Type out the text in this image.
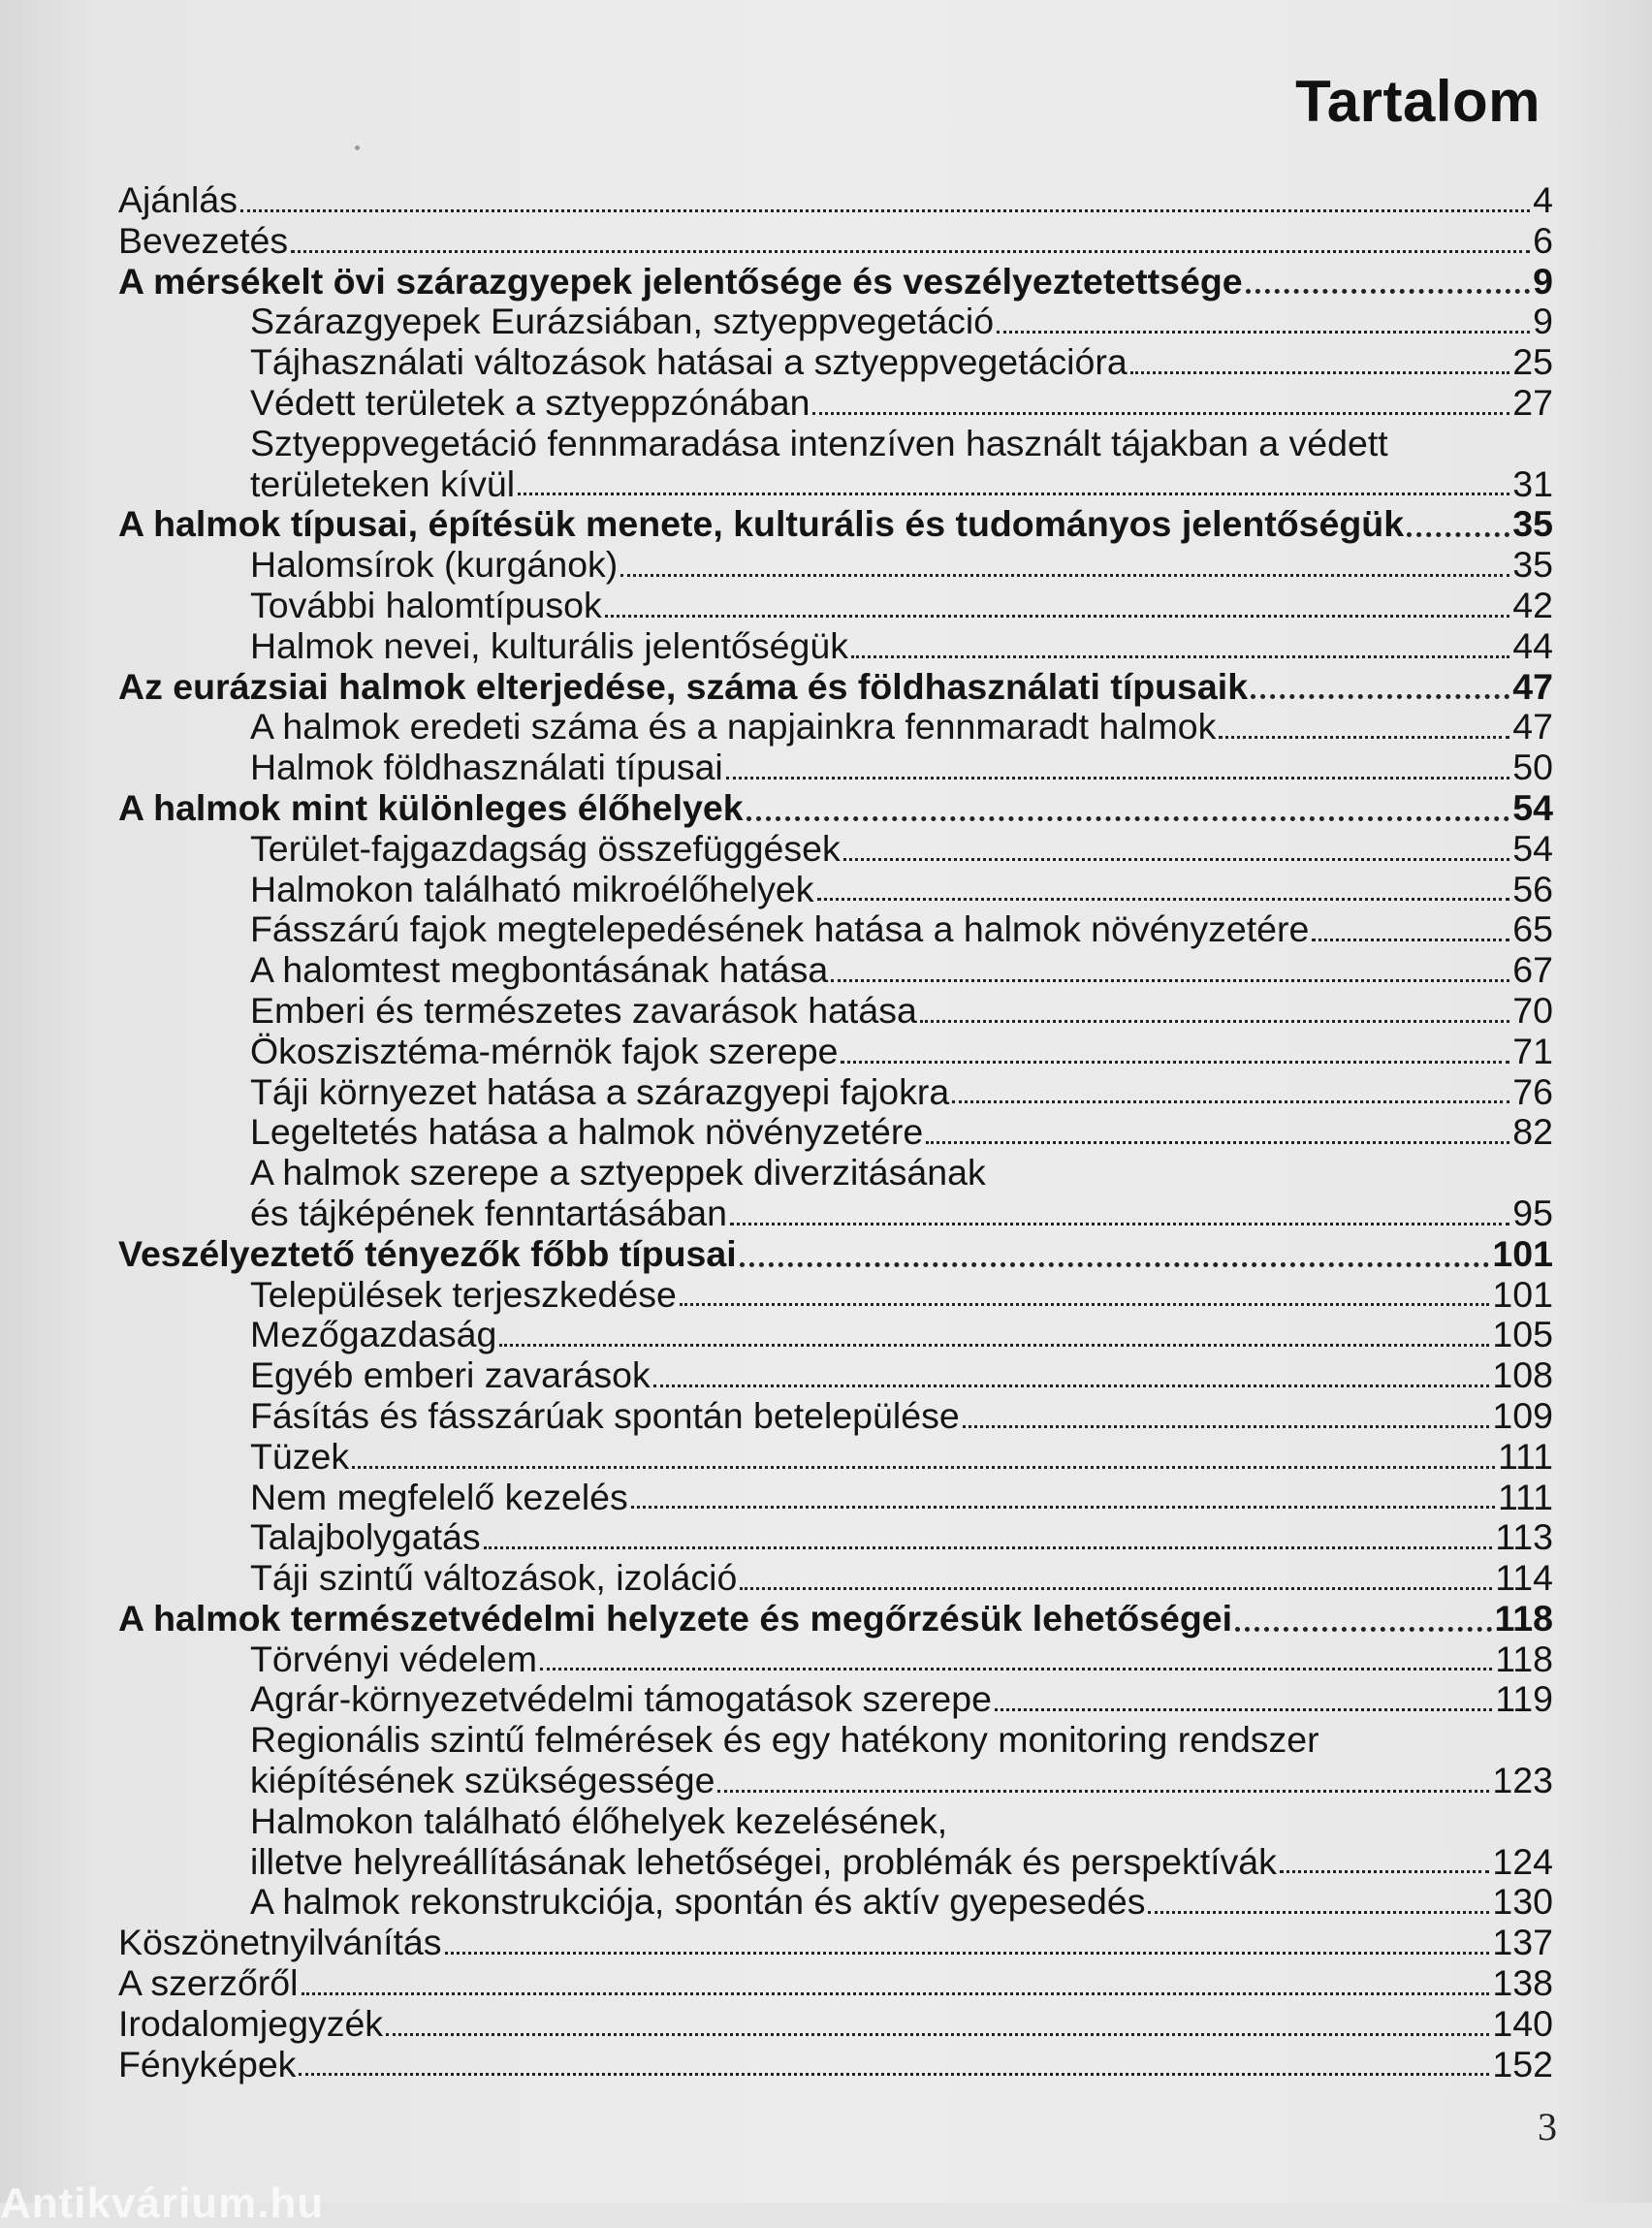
Tartalom
Ajánlás	4
Bevezetés	6
A mérsékelt övi szárazgyepek jelentősége és veszélyeztetettsége	9
Szárazgyepek Eurázsiában, sztyeppvegetáció	9
Tájhasználati változások hatásai a sztyeppvegetációra	25
Védett területek a sztyeppzónában	27
Sztyeppvegetáció fennmaradása intenzíven használt tájakban a védett
területeken kívül	31
A halmok típusai, építésük menete, kulturális és tudományos jelentőségük	35
Halomsírok (kurgánok)	35
További halomtípusok	42
Halmok nevei, kulturális jelentőségük	44
Az eurázsiai halmok elterjedése, száma és földhasználati típusaik	47
A halmok eredeti száma és a napjainkra fennmaradt halmok	47
Halmok földhasználati típusai	50
A halmok mint különleges élőhelyek	54
Terület-fajgazdagság összefüggések	54
Halmokon található mikroélőhelyek	56
Fásszárú fajok megtelepedésének hatása a halmok növényzetére	65
A halomtest megbontásának hatása	67
Emberi és természetes zavarások hatása	70
Ökoszisztéma-mérnök fajok szerepe	71
Táji környezet hatása a szárazgyepi fajokra	76
Legeltetés hatása a halmok növényzetére	82
A halmok szerepe a sztyeppek diverzitásának
és tájképének fenntartásában	95
Veszélyeztető tényezők főbb típusai	101
Települések terjeszkedése	101
Mezőgazdaság	105
Egyéb emberi zavarások	108
Fásítás és fásszárúak spontán betelepülése	109
Tüzek	111
Nem megfelelő kezelés	111
Talajbolygatás	113
Táji szintű változások, izoláció	114
A halmok természetvédelmi helyzete és megőrzésük lehetőségei	118
Törvényi védelem	118
Agrár-környezetvédelmi támogatások szerepe	119
Regionális szintű felmérések és egy hatékony monitoring rendszer
kiépítésének szükségessége	123
Halmokon található élőhelyek kezelésének,
illetve helyreállításának lehetőségei, problémák és perspektívák	124
A halmok rekonstrukciója, spontán és aktív gyepesedés	130
Köszönetnyilvánítás	137
A szerzőről	138
Irodalomjegyzék	140
Fényképek	152
3
Antikvárium.hu
